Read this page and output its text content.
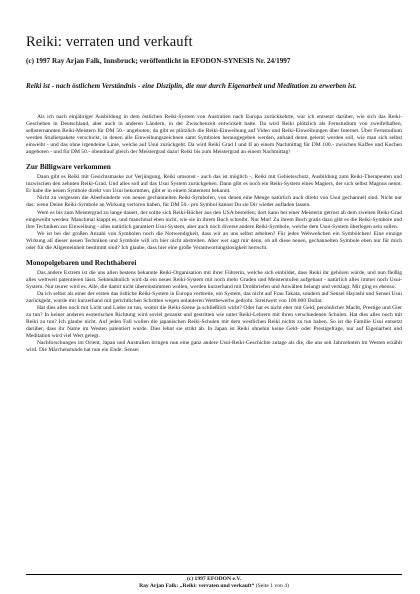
Reiki: verraten und verkauft

(c) 1997 Ray Arjan Falk, Innsbruck; veröffentlicht in EFODON-SYNESIS Nr. 24/1997

Reiki ist - nach östlichem Verständnis - eine Disziplin, die nur durch Eigenarbeit und Meditation zu erwerben ist.

Als ich nach einjähriger Ausbildung in dem östlichen Reiki-System von Australien nach Europa zurückkehrte, war ich entsetzt darüber, wie sich das Reiki-Geschehen in Deutschland, aber auch in anderen Ländern, in der Zwischenzeit entwickelt hatte. Da wird Reiki plötzlich als Fernstudium von zweifelhaften, selbsternannten Reiki-Meistern für DM 50.- angeboten; da gibt es plötzlich die Reiki-Einweihung auf Video und Reiki-Einweihungen über Internet. Über Fernstudium werden Studierpakete verschickt, in denen alle Einweihungszeichnen samt Symbolen herausgegeben werden, anhand deren gelernt werden soll, wie man sich selbst einweiht - und das ohne irgendeine Linie, welche auf Usui zurückgeht. Da wird Reiki Grad I und II an einem Nachmittag für DM 100.- zwischen Kaffee und Kuchen angeboten - und für DM 50.- obendrauf gleich der Meistergrad dazu! Reiki bis zum Meistergrad an einem Nachmittag!

Zur Billigware verkommen

Dann gibt es Reiki mit Gesichtsmaske zur Verjüngung, Reiki umsonst - auch das ist möglich -, Reiki mit Gebietsschutz, Ausbildung zum Reiki-Therapeuten und inzwischen den zehnten Reiki-Grad. Und alles soll auf das Usui System zurückgehen. Dann gibt es noch ein Reiki-System eines Magiers, der sich selbst Magnus nennt. Er habe die neuen Symbole direkt von Usui bekommen, gibt er in einem Statement bekannt.

Nicht zu vergessen die Aberhunderte von neuen gechannelten Reiki-Symbolen, von denen eine Menge natürlich auch direkt von Usui gechannelt sind. Nicht nur das: wenn Deine Reiki-Symbole an Wirkung verloren haben, für DM 50.- pro Symbol kannst Du sie Dir wieder aufladen lassen.

Wem es bis zum Meistergrad zu lange dauert, der sollte sich Reiki-Bücher aus den USA bestellen; dort kann bei einer Meisterin getrost ab dem zweiten Reiki-Grad eingeweiht werden: Manchmal klappt es, und manchmal eben nicht, wie sie in ihrem Buch schreibt. Nur Mut! Zu ihrem Buch gratis dazu gibt es die Reiki-Symbole und ihre Techniken zur Einweihung - alles natürlich garantiert Usui-System, aber auch noch diverse andere Reiki-Symbole, welche dem Usui-System überlegen sein sollen.

Wo ist bei der großen Anzahl von Symbolen noch die Notwendigkeit, dass wir an uns selbst arbeiten? Für jedes Wehwehchen ein Symbölchen! Eine einzige Wirkung all dieser neuen Techniken und Symbole will ich hier nicht abstreiten. Aber wer sagt mir denn, ob all diese neuen, gechannelten Symbole eben nur für mich oder für die Allgemeinheit bestimmt sind? Ich glaube, dass hier eine große Verantwortungslosigkeit herrscht.

Monopolgebaren und Rechthaberei

Das andere Extrem ist die uns allen bestens bekannte Reiki-Organisation mit ihrer Führerin, welche sich einbildet, dass Reiki ihr gehören würde, und nun fleißig alles weltweit patentieren lässt. Sektenähnlich wird da ein neues Reiki-System mit noch mehr Graden und Meisterstufen aufgebaut - natürlich alles immer noch Usui-System. Nur teurer wird es. Alle, die damit nicht übereinstimmen wollen, werden kurzerhand mit Drohbriefen und Anwälten belangt und verklagt. Mir ging es ebenso.

Da ich selbst als einer der ersten das östliche Reiki-System in Europa verbreite, ein System, das nicht auf Frau Takata, sondern auf Sensei Hayashi und Sensei Usui zurückgeht, wurde mir kurzerhand mit gerichtlichen Schritten wegen unlauteren Wettbewerbs gedroht. Streitwert von 100.000 Dollar.

Hat dies alles noch mit Licht und Liebe zu tun, womit die Reiki-Szene ja schließlich wirbt? Oder hat es nicht eher mit Geld, persönlicher Macht, Prestige und Gier zu tun? In keiner anderen esoterischen Richtung wird soviel gezankt und gestritten wie unter Reiki-Lehrern mit ihren verschiedenen Schulen. Hat dies alles noch mit Reiki zu tun? Ich glaube nicht. Auf jeden Fall wollen die japanischen Reiki-Schulen mit dem westlichen Reiki nichts zu tun haben. So ist die Familie Usui entsetzt darüber, dass ihr Name im Westen patentiert wurde. Dies lehnt sie strikt ab. In Japan ist Reiki ohnehin keine Geld- oder Prestigefrage, nur auf Eigenarbeit und Meditation wird viel Wert gelegt.

Nachforschungen im Orient, Japan und Australien bringen nun eine ganz andere Usui-Reiki-Geschichte zutage als die, die uns seit Jahrzehnten im Westen erzählt wird. Die Märchenstunde hat nun ein Ende: Sensei

(c) 1997 EFODON e.V.
Ray Arjan Falk: „Reiki: verraten und verkauft“ (Seite 1 von 4)
